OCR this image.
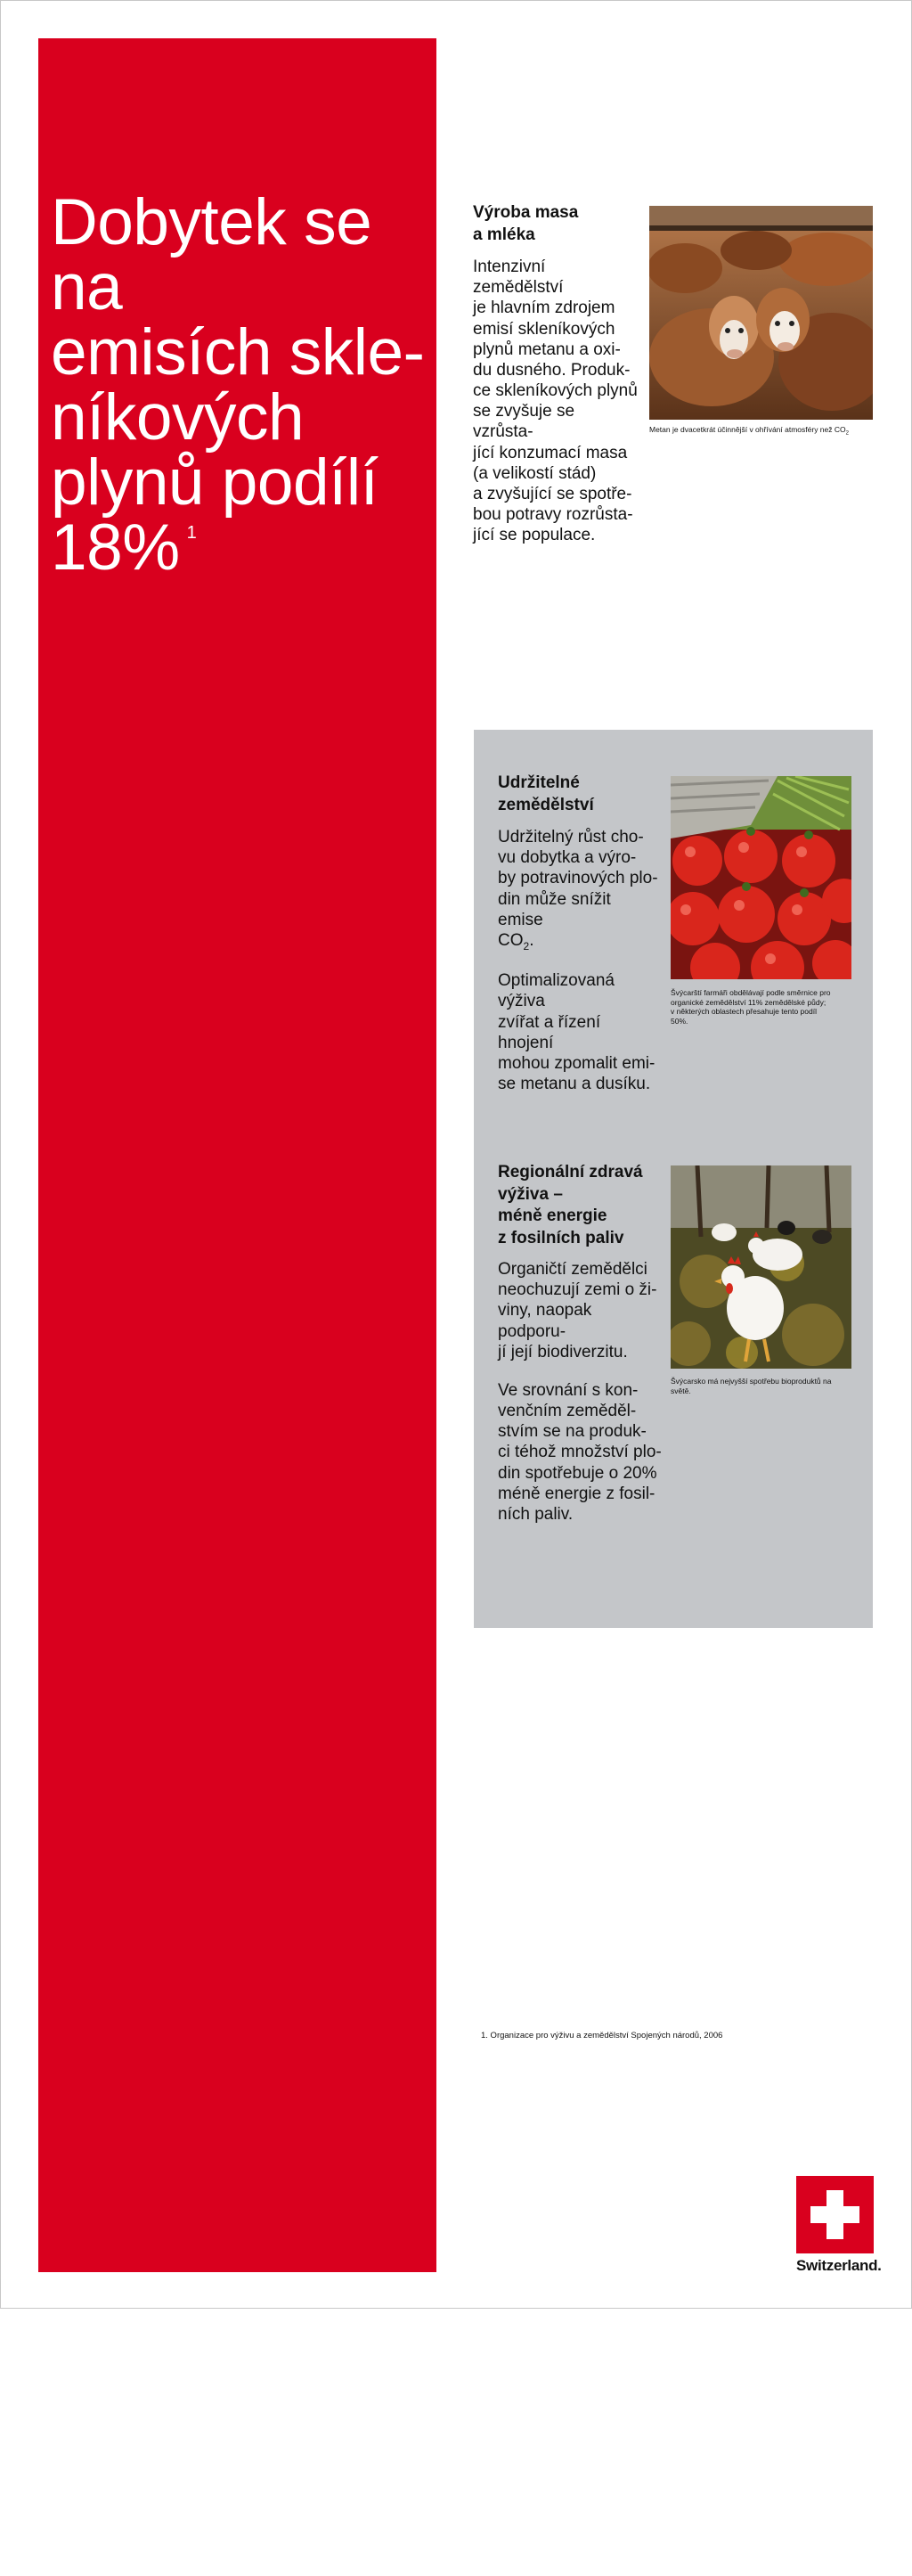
Dobytek se na
emisích skle-
níkových
plynů podílí
18% $^1$
Výroba masa
a mléka

Intenzivní zemědělství
je hlavním zdrojem
emisí skleníkových
plynů metanu a oxi-
du dusného. Produk-
ce skleníkových plynů
se zvyšuje se vzrůsta-
jící konzumací masa
(a velikostí stád)
a zvyšující se spotře-
bou potravy rozrůsta-
jící se populace.

Metan je dvacetkrát účinnější v ohřívání atmosféry než $CO_2$

Udržitelné
zemědělství

Udržitelný růst cho-
vu dobytka a výro-
by potravinových plo-
din může snížit emise
$CO_2$.

Optimalizovaná výživa
zvířat a řízení hnojení
mohou zpomalit emi-
se metanu a dusíku.

Švýcarští farmáři obdělávají podle směrnice pro
organické zemědělství 11% zemědělské půdy;
v některých oblastech přesahuje tento podíl
50%.

Regionální zdravá
výživa –
méně energie
z fosilních paliv

Organičtí zemědělci
neochuzují zemi o ži-
viny, naopak podporu-
jí její biodiverzitu.

Ve srovnání s kon-
venčním zeměděl-
stvím se na produk-
ci téhož množství plo-
din spotřebuje o 20%
méně energie z fosil-
ních paliv.

Švýcarsko má nejvyšší spotřebu bioproduktů na
světě.

1. Organizace pro výživu a zemědělství Spojených národů, 2006

Switzerland.
